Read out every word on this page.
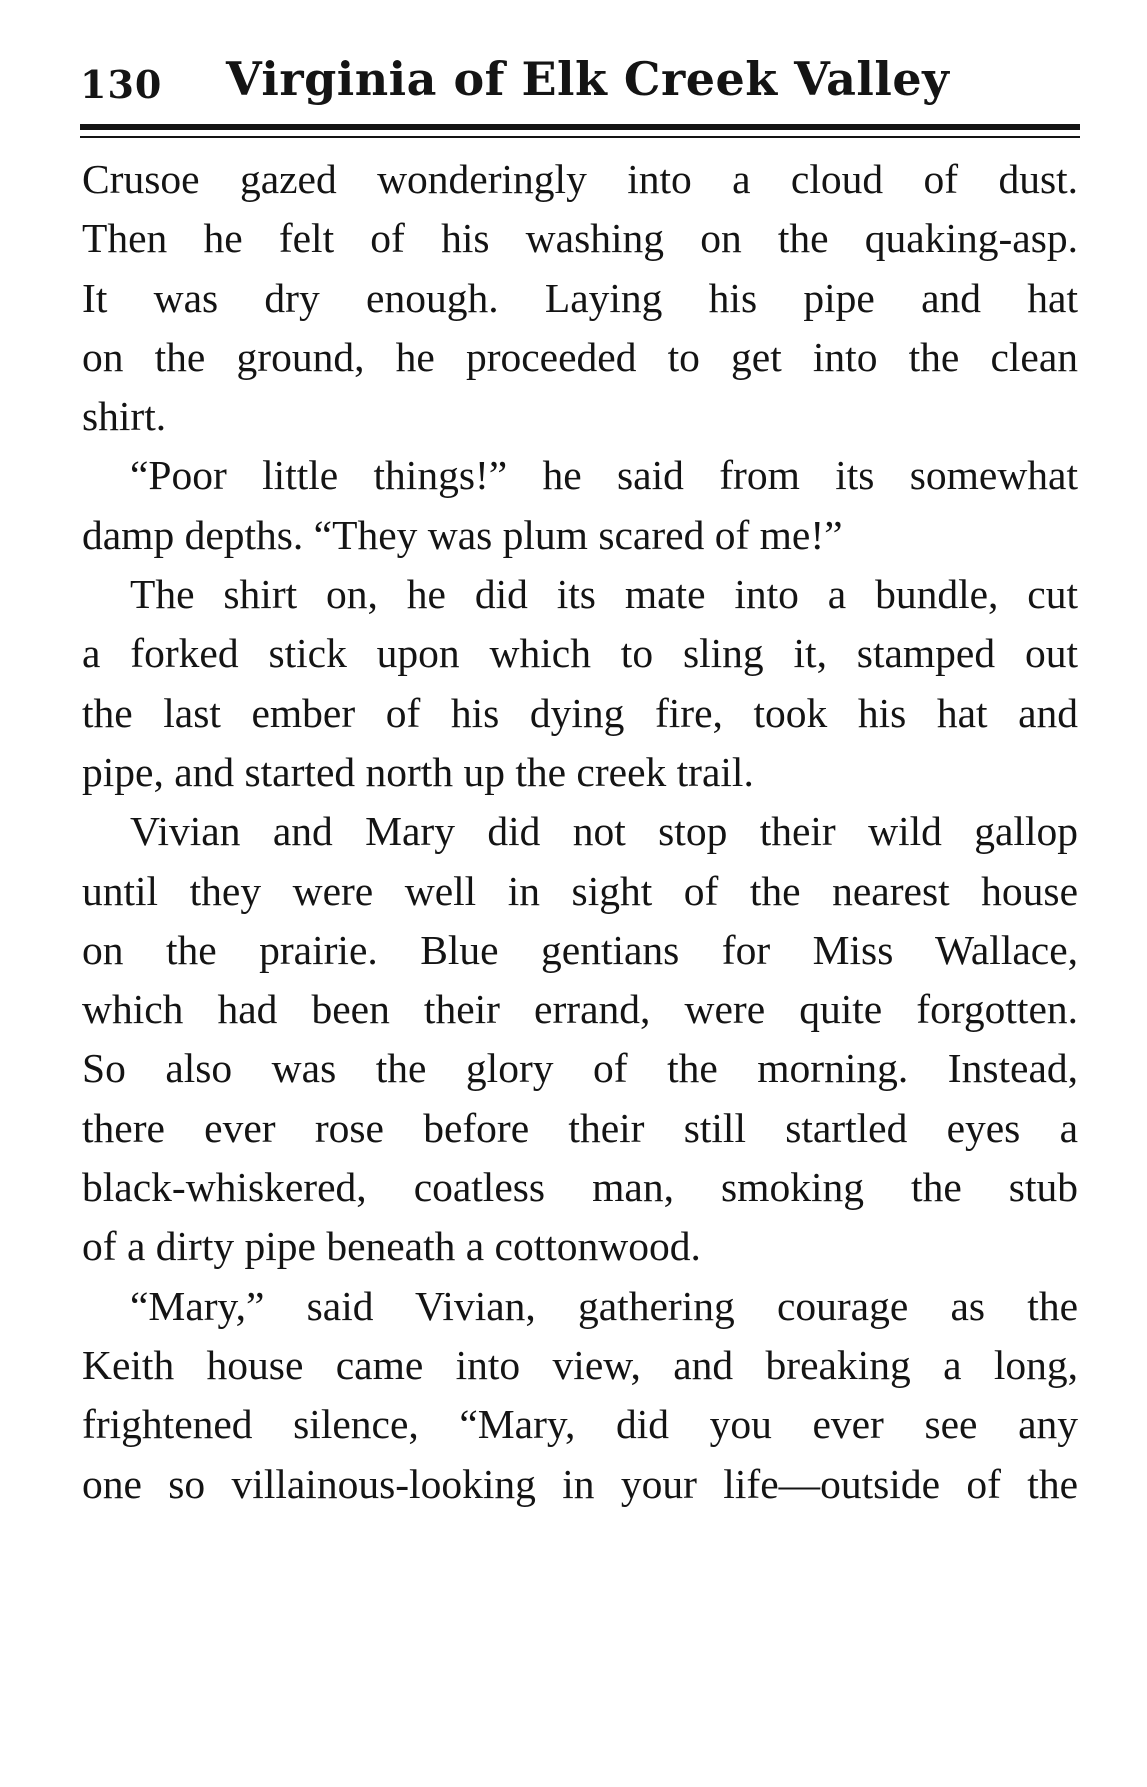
130 Virginia of Elk Creek Valley
Crusoe gazed wonderingly into a cloud of dust.
Then he felt of his washing on the quaking-asp.
It was dry enough. Laying his pipe and hat
on the ground, he proceeded to get into the clean
shirt.
“Poor little things!” he said from its somewhat
damp depths. “They was plum scared of me!”
The shirt on, he did its mate into a bundle, cut
a forked stick upon which to sling it, stamped out
the last ember of his dying fire, took his hat and
pipe, and started north up the creek trail.
Vivian and Mary did not stop their wild gallop
until they were well in sight of the nearest house
on the prairie. Blue gentians for Miss Wallace,
which had been their errand, were quite forgotten.
So also was the glory of the morning. Instead,
there ever rose before their still startled eyes a
black-whiskered, coatless man, smoking the stub
of a dirty pipe beneath a cottonwood.
“Mary,” said Vivian, gathering courage as the
Keith house came into view, and breaking a long,
frightened silence, “Mary, did you ever see any
one so villainous-looking in your life—outside of the
